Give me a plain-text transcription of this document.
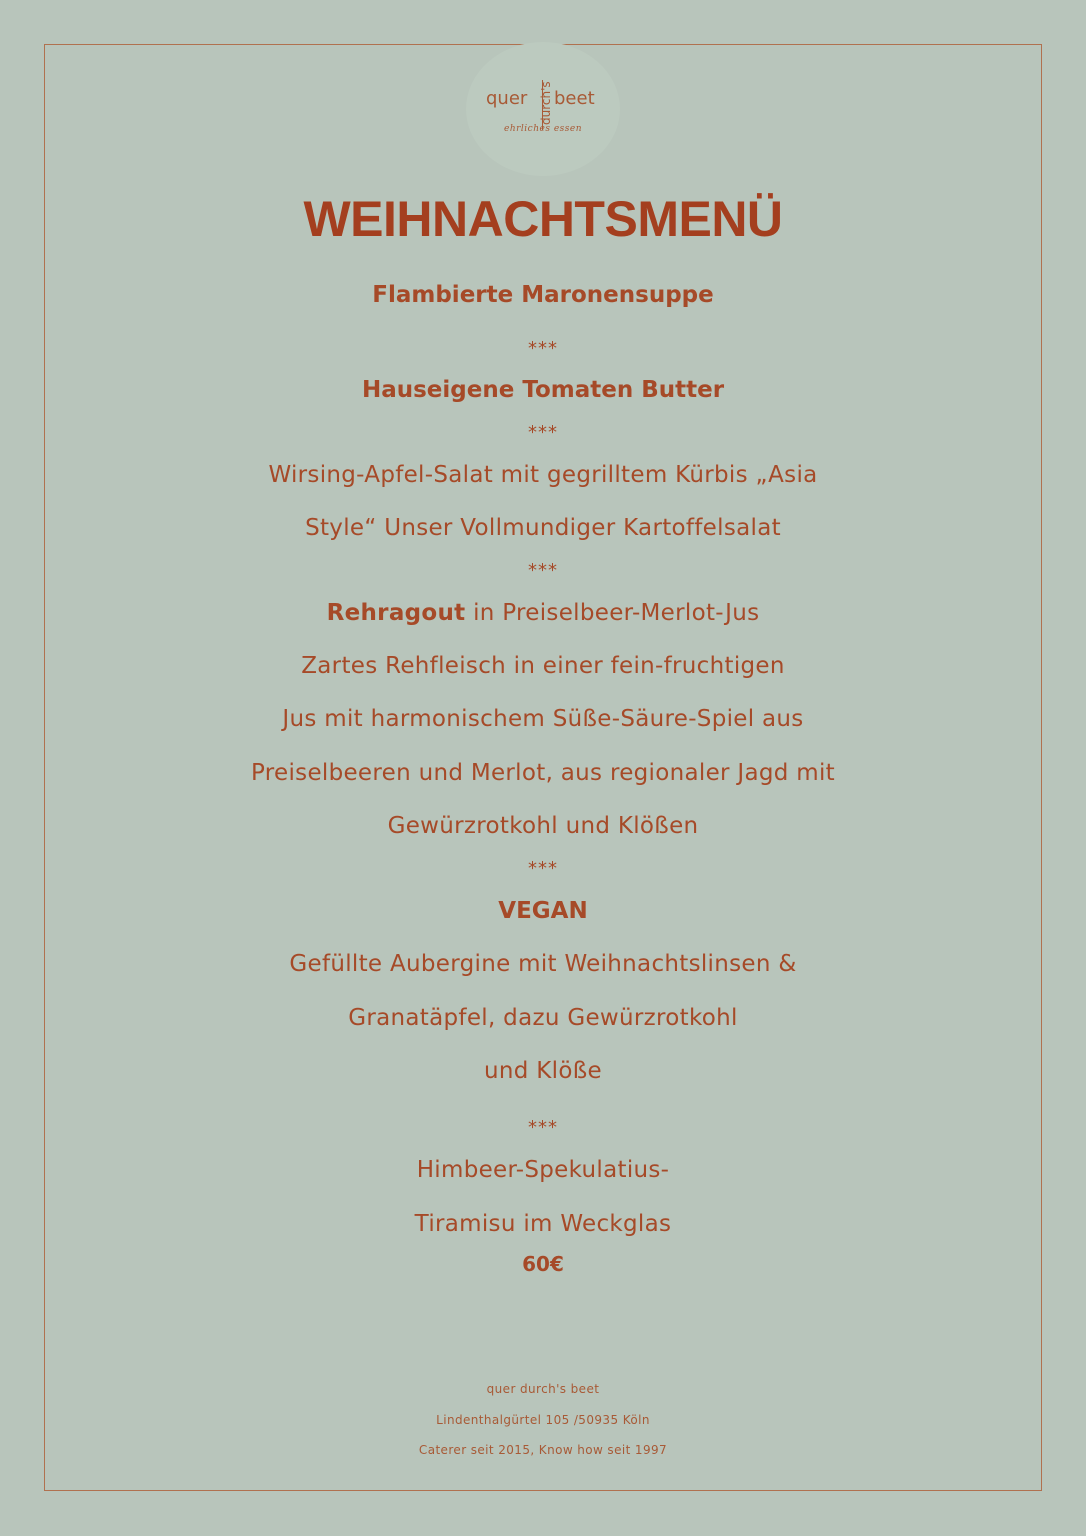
quer durch's beet
ehrliches essen
WEIHNACHTSMENÜ
Flambierte Maronensuppe
***
Hauseigene Tomaten Butter
***
Wirsing-Apfel-Salat mit gegrilltem Kürbis „Asia
Style“ Unser Vollmundiger Kartoffelsalat
***
Rehragout in Preiselbeer-Merlot-Jus
Zartes Rehfleisch in einer fein-fruchtigen
Jus mit harmonischem Süße-Säure-Spiel aus
Preiselbeeren und Merlot, aus regionaler Jagd mit
Gewürzrotkohl und Klößen
***
VEGAN
Gefüllte Aubergine mit Weihnachtslinsen &
Granatäpfel, dazu Gewürzrotkohl
und Klöße
***
Himbeer-Spekulatius-
Tiramisu im Weckglas
60€
quer durch's beet
Lindenthalgürtel 105 /50935 Köln
Caterer seit 2015, Know how seit 1997
